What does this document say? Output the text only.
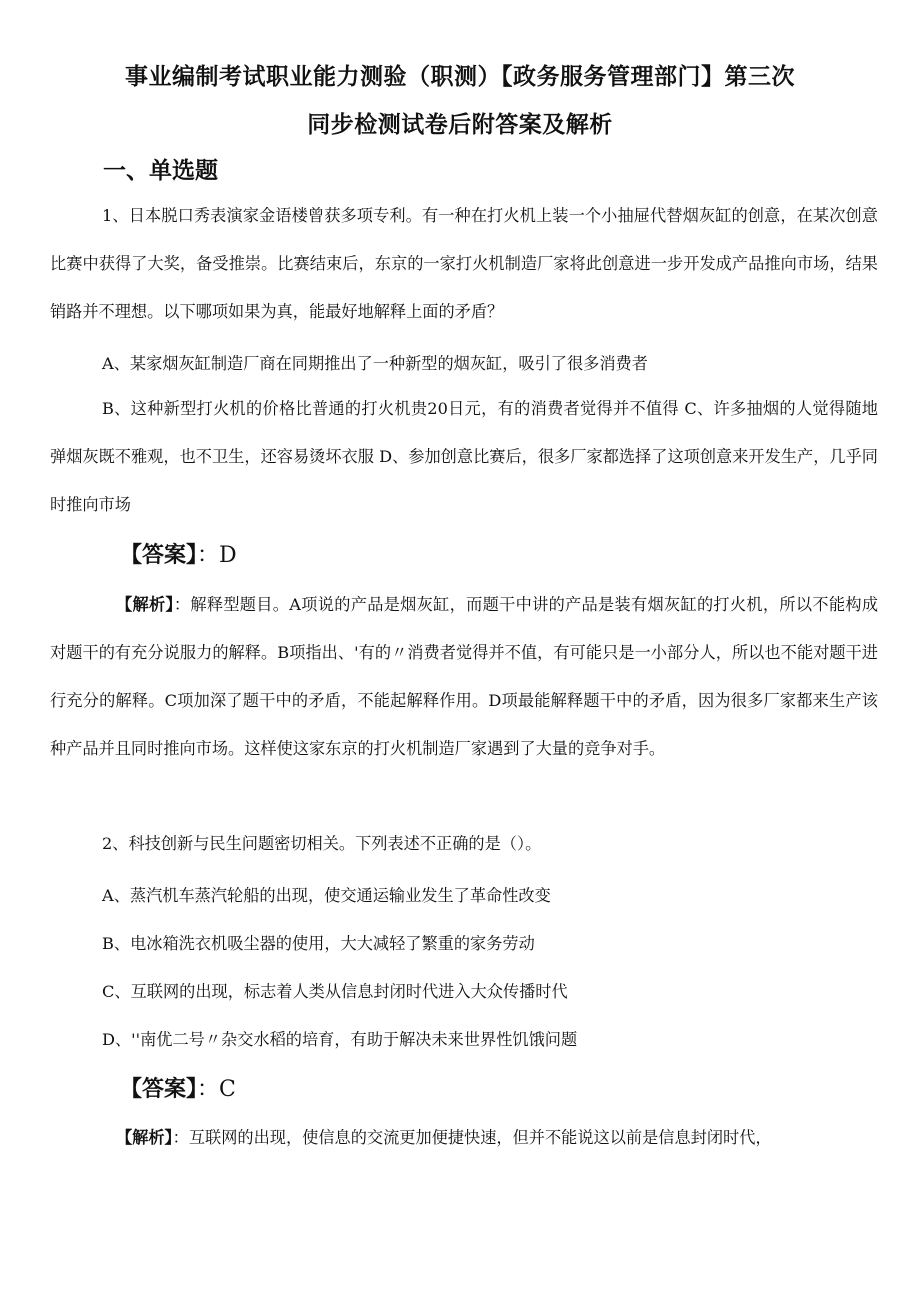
事业编制考试职业能力测验（职测）【政务服务管理部门】第三次
同步检测试卷后附答案及解析
一、单选题

1、日本脱口秀表演家金语楼曾获多项专利。有一种在打火机上装一个小抽屉代替烟灰缸的创意，在某次创意比赛中获得了大奖，备受推崇。比赛结束后，东京的一家打火机制造厂家将此创意进一步开发成产品推向市场，结果销路并不理想。以下哪项如果为真，能最好地解释上面的矛盾？

A、某家烟灰缸制造厂商在同期推出了一种新型的烟灰缸，吸引了很多消费者

B、这种新型打火机的价格比普通的打火机贵20日元，有的消费者觉得并不值得 C、许多抽烟的人觉得随地弹烟灰既不雅观，也不卫生，还容易烫坏衣服 D、参加创意比赛后，很多厂家都选择了这项创意来开发生产，几乎同时推向市场

【答案】：D

【解析】：解释型题目。A项说的产品是烟灰缸，而题干中讲的产品是装有烟灰缸的打火机，所以不能构成对题干的有充分说服力的解释。B项指出、'有的〃消费者觉得并不值，有可能只是一小部分人，所以也不能对题干进行充分的解释。C项加深了题干中的矛盾，不能起解释作用。D项最能解释题干中的矛盾，因为很多厂家都来生产该种产品并且同时推向市场。这样使这家东京的打火机制造厂家遇到了大量的竞争对手。

2、科技创新与民生问题密切相关。下列表述不正确的是（）。

A、蒸汽机车蒸汽轮船的出现，使交通运输业发生了革命性改变
B、电冰箱洗衣机吸尘器的使用，大大减轻了繁重的家务劳动
C、互联网的出现，标志着人类从信息封闭时代进入大众传播时代
D、''南优二号〃杂交水稻的培育，有助于解决未来世界性饥饿问题
【答案】：C

【解析】：互联网的出现，使信息的交流更加便捷快速，但并不能说这以前是信息封闭时代，
